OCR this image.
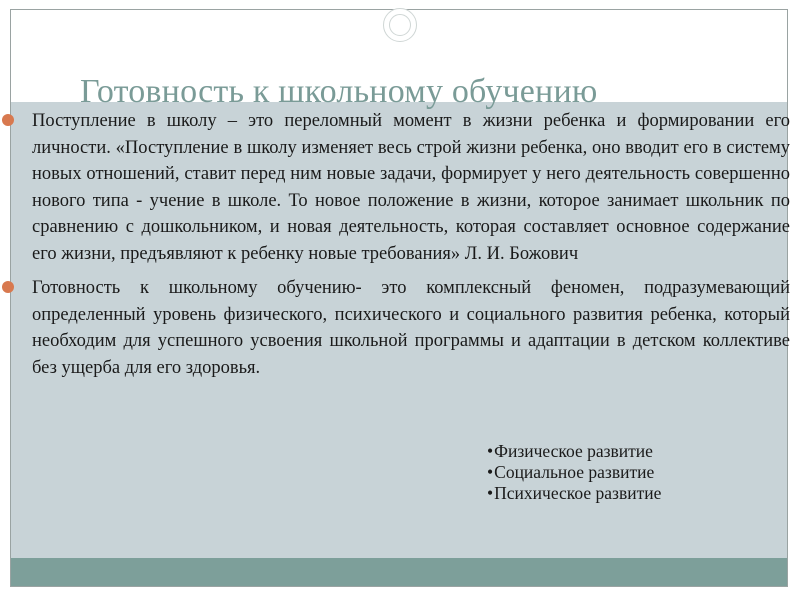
Готовность к школьному обучению
Поступление в школу – это переломный момент в жизни ребенка и формировании его личности. «Поступление в школу изменяет весь строй жизни ребенка, оно вводит его в систему новых отношений, ставит перед ним новые задачи, формирует у него деятельность совершенно нового типа - учение в школе. То новое положение в жизни, которое занимает школьник по сравнению с дошкольником, и новая деятельность, которая составляет основное содержание его жизни, предъявляют к ребенку новые требования» Л. И. Божович
Готовность к школьному обучению- это комплексный феномен, подразумевающий определенный уровень физического, психического и социального развития ребенка, который необходим для успешного усвоения школьной программы и адаптации в детском коллективе без ущерба для его здоровья.
• Физическое развитие
• Социальное развитие
• Психическое развитие
